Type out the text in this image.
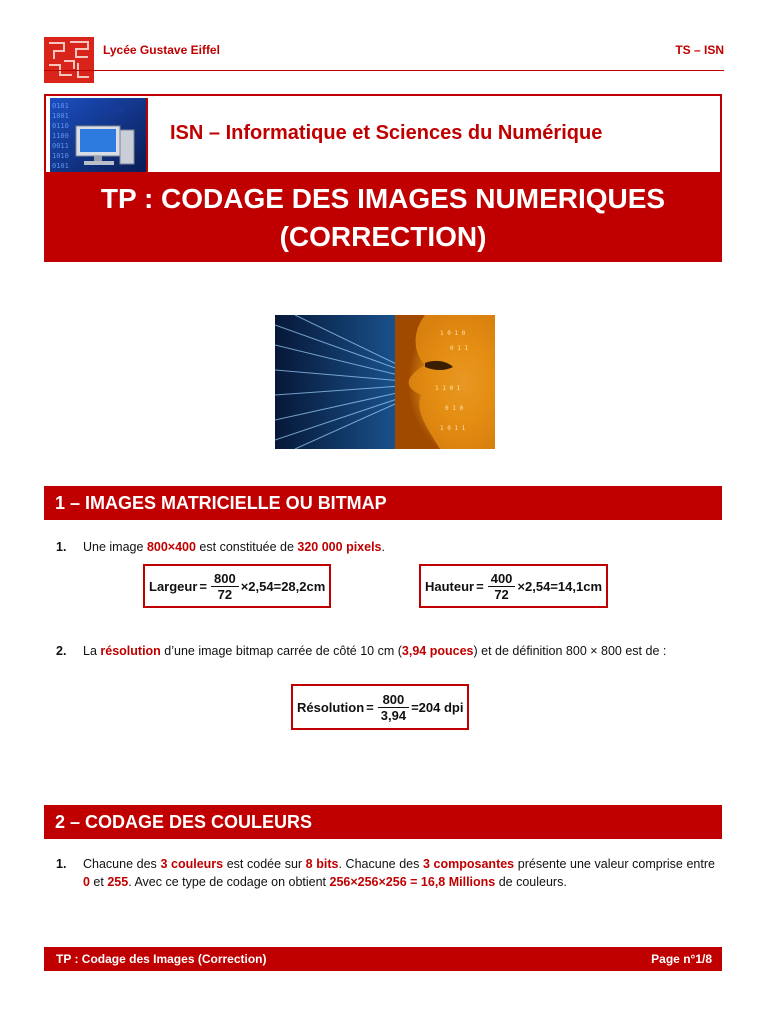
Lycée Gustave Eiffel	TS – ISN
0101
1001
0110
1100
0011
1010
0101
ISN
ISN – Informatique et Sciences du Numérique
TP : CODAGE DES IMAGES NUMERIQUES
(CORRECTION)
1 0 1 0
0 1 1
1 1 0 1
0 1 0
1 0 1 1
1 – IMAGES MATRICIELLE OU BITMAP
1. Une image 800×400 est constituée de 320 000 pixels.
Largeur = $\frac{800}{72} \times 2,54=28,2cm$	Hauteur = $\frac{400}{72} \times 2,54=14,1cm$
2. La résolution d’une image bitmap carrée de côté 10 cm (3,94 pouces) et de définition 800 × 800 est de :
Résolution = $\frac{800}{3,94} =204$ dpi
2 – CODAGE DES COULEURS
1. Chacune des 3 couleurs est codée sur 8 bits. Chacune des 3 composantes présente une valeur comprise entre 0 et 255. Avec ce type de codage on obtient 256×256×256 = 16,8 Millions de couleurs.
TP : Codage des Images (Correction)	Page n°1/8
